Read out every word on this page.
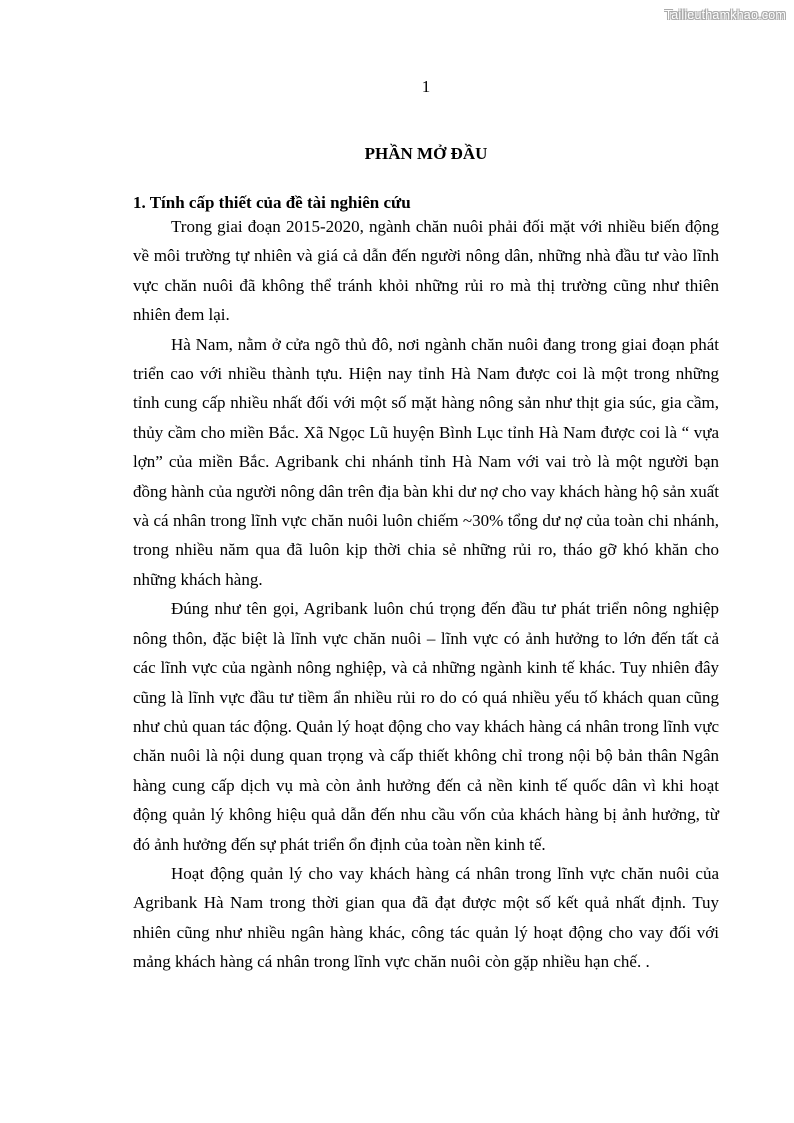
Tailieuthamkhao.com
1
PHẦN MỞ ĐẦU
1. Tính cấp thiết của đề tài nghiên cứu

Trong giai đoạn 2015-2020, ngành chăn nuôi phải đối mặt với nhiều biến động về môi trường tự nhiên và giá cả dẫn đến người nông dân, những nhà đầu tư vào lĩnh vực chăn nuôi đã không thể tránh khỏi những rủi ro mà thị trường cũng như thiên nhiên đem lại.

Hà Nam, nằm ở cửa ngõ thủ đô, nơi ngành chăn nuôi đang trong giai đoạn phát triển cao với nhiều thành tựu. Hiện nay tỉnh Hà Nam được coi là một trong những tỉnh cung cấp nhiều nhất đối với một số mặt hàng nông sản như thịt gia súc, gia cầm, thủy cầm cho miền Bắc. Xã Ngọc Lũ huyện Bình Lục tỉnh Hà Nam được coi là “ vựa lợn” của miền Bắc. Agribank chi nhánh tỉnh Hà Nam với vai trò là một người bạn đồng hành của người nông dân trên địa bàn khi dư nợ cho vay khách hàng hộ sản xuất và cá nhân trong lĩnh vực chăn nuôi luôn chiếm ~30% tổng dư nợ của toàn chi nhánh, trong nhiều năm qua đã luôn kịp thời chia sẻ những rủi ro, tháo gỡ khó khăn cho những khách hàng.

Đúng như tên gọi, Agribank luôn chú trọng đến đầu tư phát triển nông nghiệp nông thôn, đặc biệt là lĩnh vực chăn nuôi – lĩnh vực có ảnh hưởng to lớn đến tất cả các lĩnh vực của ngành nông nghiệp, và cả những ngành kinh tế khác. Tuy nhiên đây cũng là lĩnh vực đầu tư tiềm ẩn nhiều rủi ro do có quá nhiều yếu tố khách quan cũng như chủ quan tác động. Quản lý hoạt động cho vay khách hàng cá nhân trong lĩnh vực chăn nuôi là nội dung quan trọng và cấp thiết không chỉ trong nội bộ bản thân Ngân hàng cung cấp dịch vụ mà còn ảnh hưởng đến cả nền kinh tế quốc dân vì khi hoạt động quản lý không hiệu quả dẫn đến nhu cầu vốn của khách hàng bị ảnh hưởng, từ đó ảnh hưởng đến sự phát triển ổn định của toàn nền kinh tế.

Hoạt động quản lý cho vay khách hàng cá nhân trong lĩnh vực chăn nuôi của Agribank Hà Nam trong thời gian qua đã đạt được một số kết quả nhất định. Tuy nhiên cũng như nhiều ngân hàng khác, công tác quản lý hoạt động cho vay đối với mảng khách hàng cá nhân trong lĩnh vực chăn nuôi còn gặp nhiều hạn chế. .
